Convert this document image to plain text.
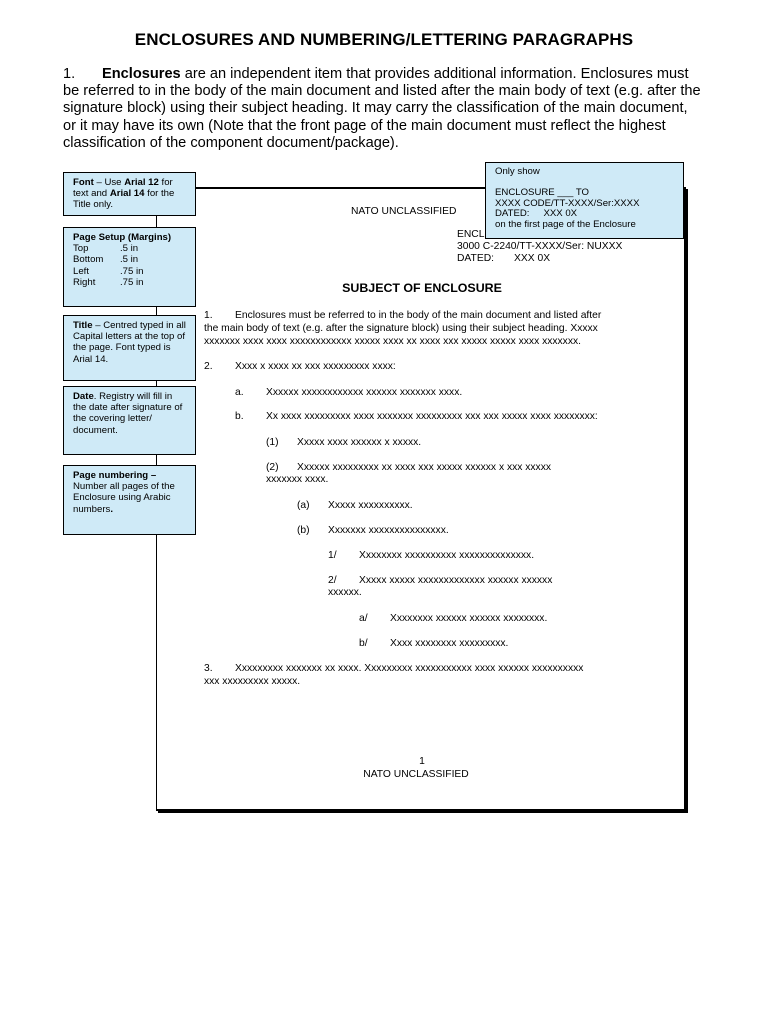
ENCLOSURES AND NUMBERING/LETTERING PARAGRAPHS
1. Enclosures are an independent item that provides additional information. Enclosures must be referred to in the body of the main document and listed after the main body of text (e.g. after the signature block) using their subject heading. It may carry the classification of the main document, or it may have its own (Note that the front page of the main document must reflect the highest classification of the component document/package).
NATO UNCLASSIFIED
ENCL
3000 C-2240/TT-XXXX/Ser: NUXXX
DATED: XXX 0X
SUBJECT OF ENCLOSURE
1. Enclosures must be referred to in the body of the main document and listed after
the main body of text (e.g. after the signature block) using their subject heading. Xxxxx
xxxxxxx xxxx xxxx xxxxxxxxxxxx xxxxx xxxx xx xxxx xxx xxxxx xxxxx xxxx xxxxxxx.
2. Xxxx x xxxx xx xxx xxxxxxxxx xxxx:
a. Xxxxxx xxxxxxxxxxxx xxxxxx xxxxxxx xxxx.
b. Xx xxxx xxxxxxxxx xxxx xxxxxxx xxxxxxxxx xxx xxx xxxxx xxxx xxxxxxxx:
(1) Xxxxx xxxx xxxxxx x xxxxx.
(2) Xxxxxx xxxxxxxxx xx xxxx xxx xxxxx xxxxxx x xxx xxxxx
xxxxxxx xxxx.
(a) Xxxxx xxxxxxxxxx.
(b) Xxxxxxx xxxxxxxxxxxxxxx.
1/ Xxxxxxxx xxxxxxxxxx xxxxxxxxxxxxxx.
2/ Xxxxx xxxxx xxxxxxxxxxxxx xxxxxx xxxxxx
xxxxxx.
a/ Xxxxxxxx xxxxxx xxxxxx xxxxxxxx.
b/ Xxxx xxxxxxxx xxxxxxxxx.
3. Xxxxxxxxx xxxxxxx xx xxxx. Xxxxxxxxx xxxxxxxxxxx xxxx xxxxxx xxxxxxxxxx
xxx xxxxxxxxx xxxxx.
1
NATO UNCLASSIFIED
Font – Use Arial 12 for text and Arial 14 for the Title only.
Page Setup (Margins)
Top	.5 in
Bottom	.5 in
Left	.75 in
Right	.75 in
Title – Centred typed in all Capital letters at the top of the page. Font typed is Arial 14.
Date. Registry will fill in the date after signature of the covering letter/ document.
Page numbering –
Number all pages of the Enclosure using Arabic numbers.
Only show
ENCLOSURE ___ TO
XXXX CODE/TT-XXXX/Ser:XXXX
DATED: XXX 0X
on the first page of the Enclosure
